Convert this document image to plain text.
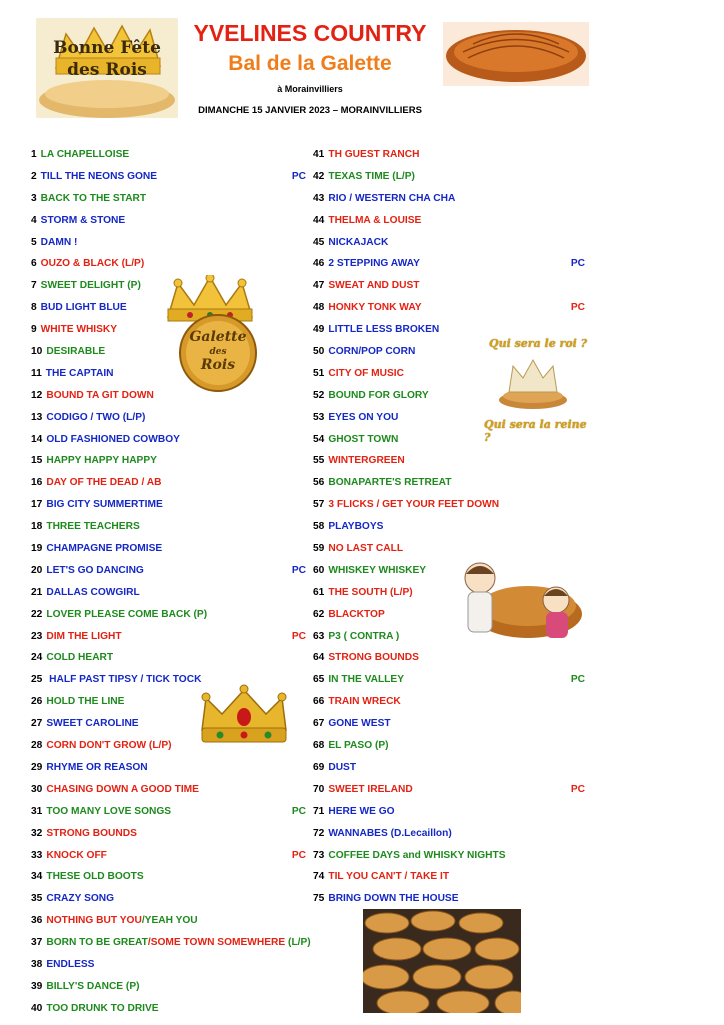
Bonne Fête
des Rois
YVELINES COUNTRY
Bal de la Galette
à Morainvilliers
DIMANCHE 15 JANVIER 2023 – MORAINVILLIERS
1 LA CHAPELLOISE
2 TILL THE NEONS GONE	PC
3 BACK TO THE START
4 STORM & STONE
5 DAMN !
6 OUZO & BLACK (L/P)
7 SWEET DELIGHT (P)
8 BUD LIGHT BLUE
9 WHITE WHISKY
10 DESIRABLE
11 THE CAPTAIN
12 BOUND TA GIT DOWN
13 CODIGO / TWO (L/P)
14 OLD FASHIONED COWBOY
15 HAPPY HAPPY HAPPY
16 DAY OF THE DEAD / AB
17 BIG CITY SUMMERTIME
18 THREE TEACHERS
19 CHAMPAGNE PROMISE
20 LET'S GO DANCING	PC
21 DALLAS COWGIRL
22 LOVER PLEASE COME BACK (P)
23 DIM THE LIGHT	PC
24 COLD HEART
25 HALF PAST TIPSY / TICK TOCK
26 HOLD THE LINE
27 SWEET CAROLINE
28 CORN DON'T GROW (L/P)
29 RHYME OR REASON
30 CHASING DOWN A GOOD TIME
31 TOO MANY LOVE SONGS	PC
32 STRONG BOUNDS
33 KNOCK OFF	PC
34 THESE OLD BOOTS
35 CRAZY SONG
36 NOTHING BUT YOU/YEAH YOU
37 BORN TO BE GREAT/SOME TOWN SOMEWHERE (L/P)
38 ENDLESS
39 BILLY'S DANCE (P)
40 TOO DRUNK TO DRIVE
41 TH GUEST RANCH
42 TEXAS TIME (L/P)
43 RIO / WESTERN CHA CHA
44 THELMA & LOUISE
45 NICKAJACK
46 2 STEPPING AWAY	PC
47 SWEAT AND DUST
48 HONKY TONK WAY	PC
49 LITTLE LESS BROKEN
50 CORN/POP CORN
51 CITY OF MUSIC
52 BOUND FOR GLORY
53 EYES ON YOU
54 GHOST TOWN
55 WINTERGREEN
56 BONAPARTE'S RETREAT
57 3 FLICKS / GET YOUR FEET DOWN
58 PLAYBOYS
59 NO LAST CALL
60 WHISKEY WHISKEY
61 THE SOUTH (L/P)
62 BLACKTOP
63 P3 ( CONTRA )
64 STRONG BOUNDS
65 IN THE VALLEY	PC
66 TRAIN WRECK
67 GONE WEST
68 EL PASO (P)
69 DUST
70 SWEET IRELAND	PC
71 HERE WE GO
72 WANNABES (D.Lecaillon)
73 COFFEE DAYS and WHISKY NIGHTS
74 TIL YOU CAN'T / TAKE IT
75 BRING DOWN THE HOUSE
Galette
des
Rois
Qui sera le roi ?
Qui sera la reine ?
